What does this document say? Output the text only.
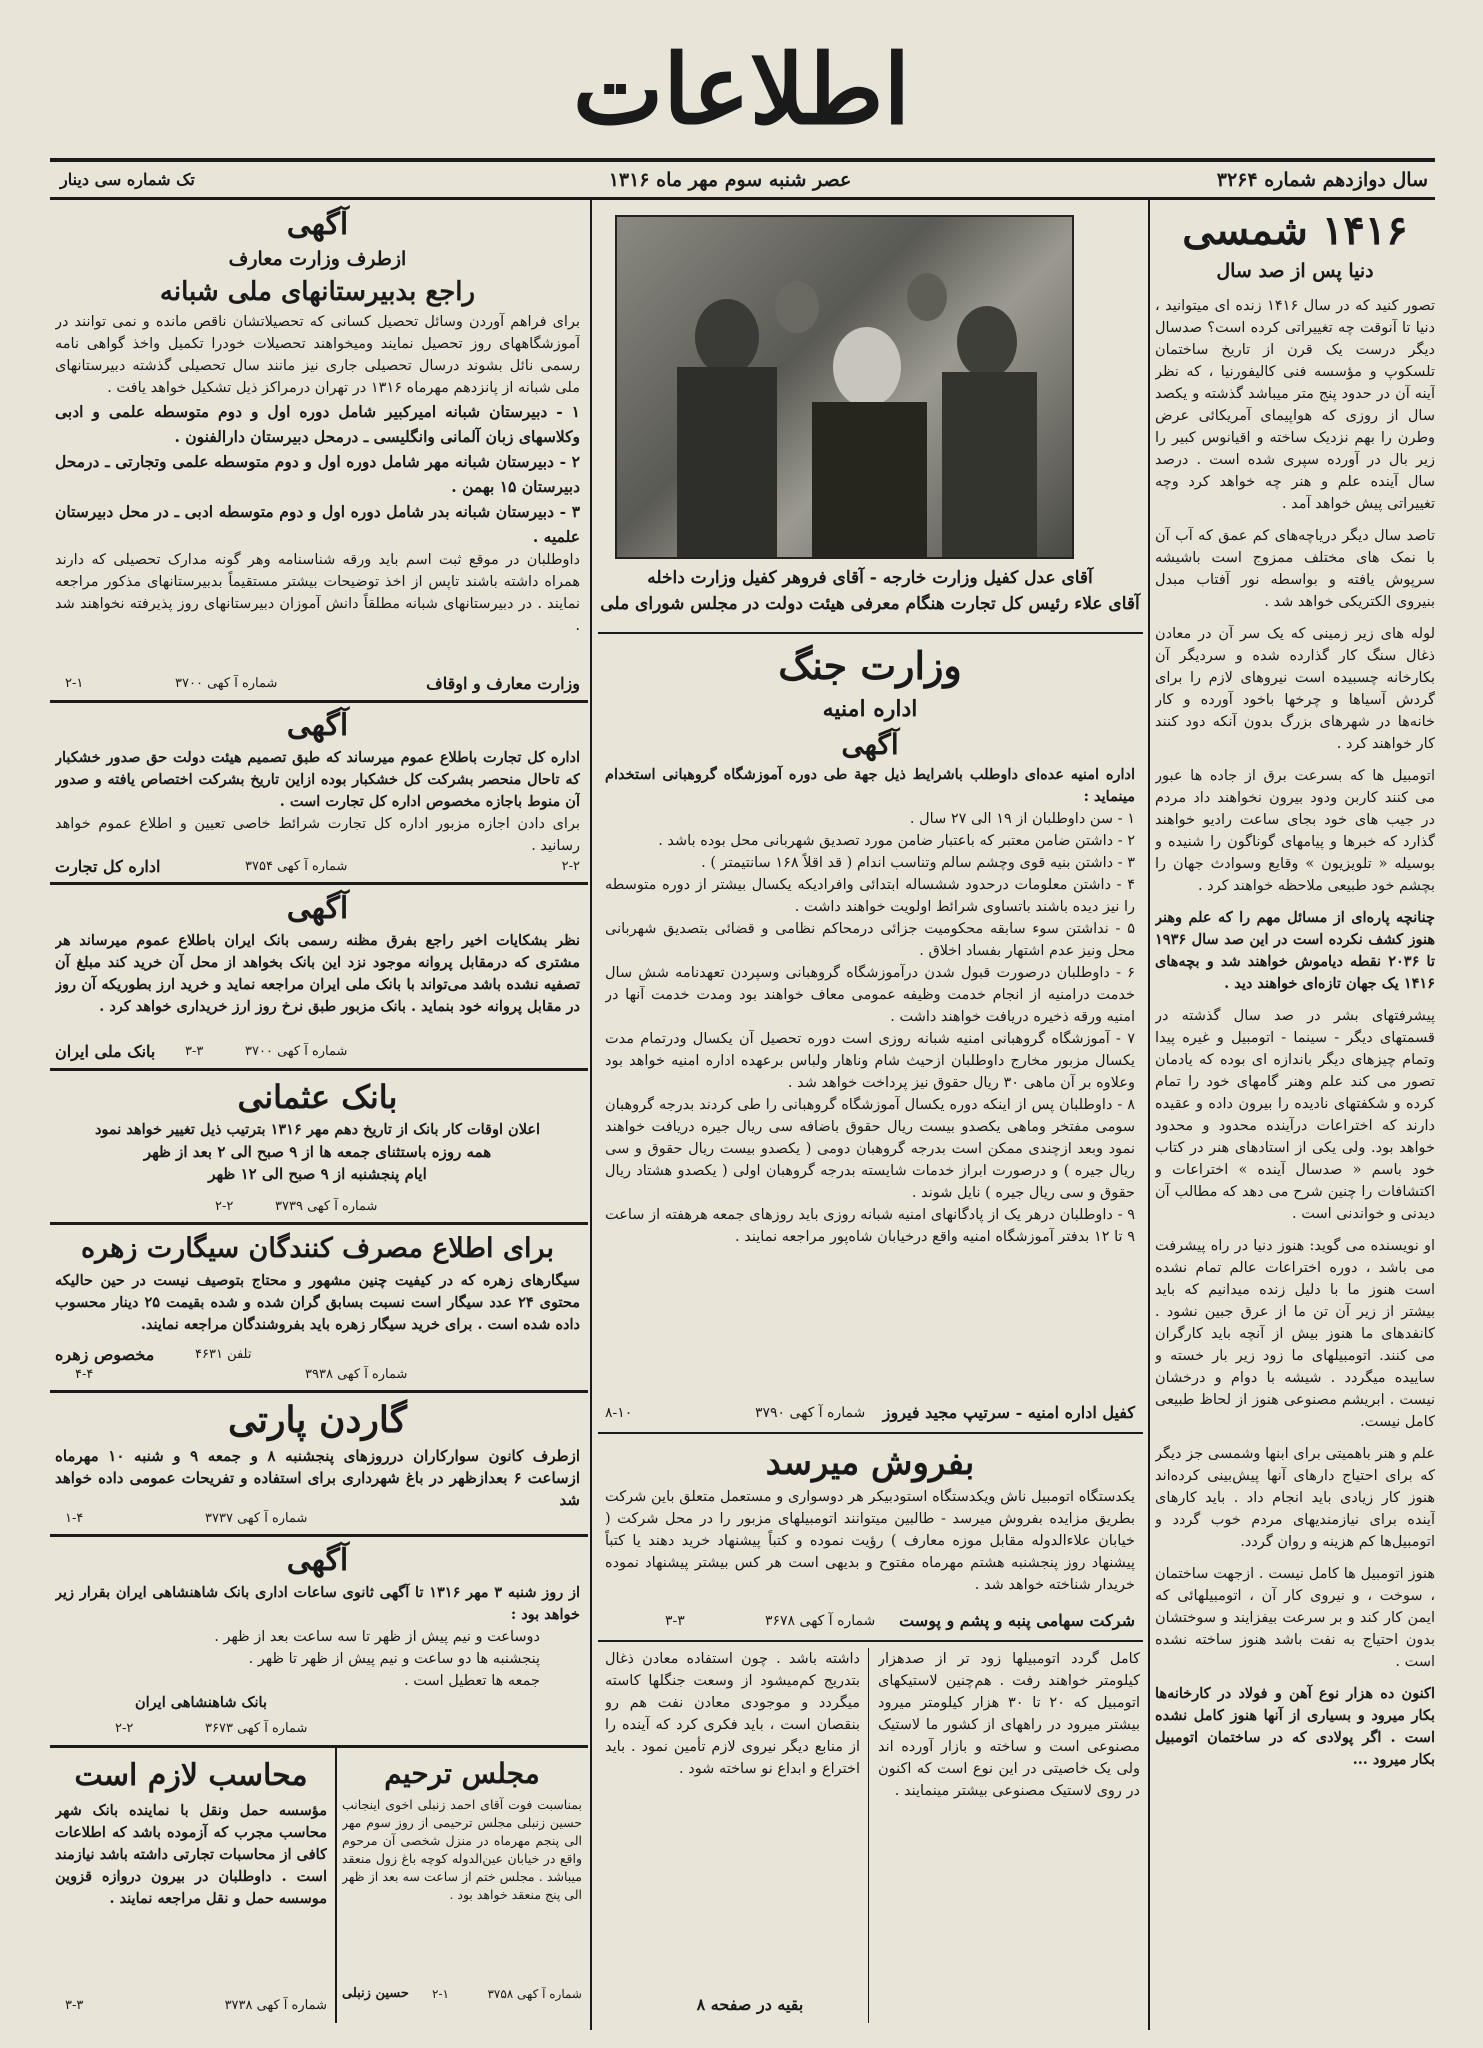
اطلاعات
سال دوازدهم شماره ۳۲۶۴
عصر شنبه سوم مهر ماه ۱۳۱۶
تک شماره سی دینار
۱۴۱۶ شمسی
دنیا پس از صد سال

تصور کنید که در سال ۱۴۱۶ زنده ای میتوانید ، دنیا تا آنوقت چه تغییراتی کرده است؟ صدسال دیگر درست یک قرن از تاریخ ساختمان تلسکوپ و مؤسسه فنی کالیفورنیا ، که نظر آینه آن در حدود پنج متر میباشد گذشته و یکصد سال از روزی که هواپیمای آمریکائی عرض وطرن را بهم نزدیک ساخته و اقیانوس کبیر را زیر بال در آورده سپری شده است . درصد سال آینده علم و هنر چه خواهد کرد وچه تغییراتی پیش خواهد آمد .

تاصد سال دیگر دریاچه‌های کم عمق که آب آن با نمک های مختلف ممزوج است باشیشه سرپوش یافته و بواسطه نور آفتاب مبدل بنیروی الکتریکی خواهد شد .

لوله های زیر زمینی که یک سر آن در معادن ذغال سنگ کار گذارده شده و سردیگر آن بکارخانه چسبیده است نیروهای لازم را برای گردش آسیاها و چرخها باخود آورده و کار خانه‌ها در شهرهای بزرگ بدون آنکه دود کنند کار خواهند کرد .

اتومبیل ها که بسرعت برق از جاده ها عبور می کنند کاربن ودود بیرون نخواهند داد مردم در جیب های خود بجای ساعت رادیو خواهند گذارد که خبرها و پیامهای گوناگون را شنیده و بوسیله « تلویزیون » وقایع وسوادث جهان را بچشم خود طبیعی ملاحظه خواهند کرد .

چنانچه پاره‌ای از مسائل مهم را که علم وهنر هنوز کشف نکرده است در این صد سال ۱۹۳۶ تا ۲۰۳۶ نقطه دیاموش خواهند شد و بچه‌های ۱۴۱۶ یک جهان تازه‌ای خواهند دید .

پیشرفتهای بشر در صد سال گذشته در قسمتهای دیگر - سینما - اتومبیل و غیره پیدا وتمام چیزهای دیگر باندازه ای بوده که یادمان تصور می کند علم وهنر گامهای خود را تمام کرده و شکفتهای نادیده را بیرون داده و عقیده دارند که اختراعات درآینده محدود و محدود خواهد بود. ولی یکی از استادهای هنر در کتاب خود باسم « صدسال آینده » اختراعات و اکتشافات را چنین شرح می دهد که مطالب آن دیدنی و خواندنی است .

او نویسنده می گوید: هنوز دنیا در راه پیشرفت می باشد ، دوره اختراعات عالم تمام نشده است هنوز ما با دلیل زنده میدانیم که باید بیشتر از زیر آن تن ما از عرق جبین نشود . کانفدهای ما هنوز بیش از آنچه باید کارگران می کنند. اتومبیلهای ما زود زیر بار خسته و ساییده میگردد . شیشه با دوام و درخشان نیست . ابریشم مصنوعی هنوز از لحاظ طبیعی کامل نیست.

علم و هنر باهمیتی برای ابنها وشمسی جز دیگر که برای احتیاج دار‌های آنها پیش‌بینی کرده‌اند هنوز کار زیادی باید انجام داد . باید کارهای آینده برای نیازمندیهای مردم خوب گردد و اتومبیل‌ها کم هزینه و روان گردد.

هنوز اتومبیل ها کامل نیست . ازجهت ساختمان ، سوخت ، و نیروی کار آن ، اتومبیلهائی که ایمن کار کند و بر سرعت بیفزایند و سوختشان بدون احتیاج به نفت باشد هنوز ساخته نشده است .

اکنون ده هزار نوع آهن و فولاد در کارخانه‌ها بکار میرود و بسیاری از آنها هنوز کامل نشده است . اگر پولادی که در ساختمان اتومبیل بکار میرود ...

آقای عدل کفیل وزارت خارجه - آقای فروهر کفیل وزارت داخله
آقای علاء رئیس کل تجارت هنگام معرفی هیئت دولت در مجلس شورای ملی
وزارت جنگ
اداره امنیه
آگهی

اداره امنیه عده‌ای داوطلب باشرایط ذیل جهة طی دوره آموزشگاه گروهبانی استخدام مینماید :

۱ - سن داوطلبان از ۱۹ الی ۲۷ سال .

۲ - داشتن ضامن معتبر که باعتبار ضامن مورد تصدیق شهربانی محل بوده باشد .

۳ - داشتن بنیه قوی وچشم سالم وتناسب اندام ( قد اقلاً ۱۶۸ سانتیمتر ) .

۴ - داشتن معلومات درحدود ششساله ابتدائی وافرادیکه یکسال بیشتر از دوره متوسطه را نیز دیده باشند باتساوی شرائط اولویت خواهند داشت .

۵ - نداشتن سوء سابقه محکومیت جزائی درمحاکم نظامی و قضائی بتصدیق شهربانی محل ونیز عدم اشتهار بفساد اخلاق .

۶ - داوطلبان درصورت قبول شدن درآموزشگاه گروهبانی وسپردن تعهدنامه شش سال خدمت درامنیه از انجام خدمت وظیفه عمومی معاف خواهند بود ومدت خدمت آنها در امنیه ورقه ذخیره دریافت خواهند داشت .

۷ - آموزشگاه گروهبانی امنیه شبانه روزی است دوره تحصیل آن یکسال ودرتمام مدت یکسال مزبور مخارج داوطلبان ازحیث شام وناهار ولباس برعهده اداره امنیه خواهد بود وعلاوه بر آن ماهی ۳۰ ریال حقوق نیز پرداخت خواهد شد .

۸ - داوطلبان پس از اینکه دوره یکسال آموزشگاه گروهبانی را طی کردند بدرجه گروهبان سومی مفتخر وماهی یکصدو بیست ریال حقوق باضافه سی ریال جیره دریافت خواهند نمود وبعد ازچندی ممکن است بدرجه گروهبان دومی ( یکصدو بیست ریال حقوق و سی ریال جیره ) و درصورت ابراز خدمات شایسته بدرجه گروهبان اولی ( یکصدو هشتاد ریال حقوق و سی ریال جیره ) نایل شوند .

۹ - داوطلبان درهر یک از پادگانهای امنیه شبانه روزی باید روزهای جمعه هرهفته از ساعت ۹ تا ۱۲ بدفتر آموزشگاه امنیه واقع درخیابان شاه‌پور مراجعه نمایند .

کفیل اداره امنیه - سرتیپ مجید فیروز
شماره آ کهی ۳۷۹۰
۸-۱۰
بفروش میرسد

یکدستگاه اتومبیل ناش ویکدستگاه استودبیکر هر دوسواری و مستعمل متعلق باین شرکت بطریق مزایده بفروش میرسد - طالبین میتوانند اتومبیلهای مزبور را در محل شرکت ( خیابان علاءالدوله مقابل موزه معارف ) رؤیت نموده و کتباً پیشنهاد خرید دهند یا کتباً پیشنهاد روز پنجشنبه هشتم مهرماه مفتوح و بدیهی است هر کس بیشتر پیشنهاد نموده خریدار شناخته خواهد شد .

شرکت سهامی پنبه و پشم و پوست
۳-۳	شماره آ کهی ۳۶۷۸

کامل گردد اتومبیلها زود تر از صدهزار کیلومتر خواهند رفت . هم‌چنین لاستیکهای اتومبیل که ۲۰ تا ۳۰ هزار کیلومتر میرود بیشتر میرود در راههای از کشور ما لاستیک مصنوعی است و ساخته و بازار آورده اند ولی یک خاصیتی در این نوع است که اکنون در روی لاستیک مصنوعی بیشتر مینمایند .

داشته باشد . چون استفاده معادن ذغال بتدریج کم‌میشود از وسعت جنگلها کاسته میگردد و موجودی معادن نفت هم رو بنقصان است ، باید فکری کرد که آینده را از منابع دیگر نیروی لازم تأمین نمود . باید اختراع و ابداع نو ساخته شود .

بقیه در صفحه ۸
آگهی
ازطرف وزارت معارف
راجع بدبیرستانهای ملی شبانه

برای فراهم آوردن وسائل تحصیل کسانی که تحصیلاتشان ناقص مانده و نمی توانند در آموزشگاههای روز تحصیل نمایند ومیخواهند تحصیلات خودرا تکمیل واخذ گواهی نامه رسمی نائل بشوند درسال تحصیلی جاری نیز مانند سال تحصیلی گذشته دبیرستانهای ملی شبانه از پانزدهم مهرماه ۱۳۱۶ در تهران درمراکز ذیل تشکیل خواهد یافت .

۱ - دبیرستان شبانه امیرکبیر شامل دوره اول و دوم متوسطه علمی و ادبی وکلاسهای زبان آلمانی وانگلیسی ـ درمحل دبیرستان دارالفنون .

۲ - دبیرستان شبانه مهر شامل دوره اول و دوم متوسطه علمی وتجارتی ـ درمحل دبیرستان ۱۵ بهمن .

۳ - دبیرستان شبانه بدر شامل دوره اول و دوم متوسطه ادبی ـ در محل دبیرستان علمیه .

داوطلبان در موقع ثبت اسم باید ورقه شناسنامه وهر گونه مدارک تحصیلی که دارند همراه داشته باشند تاپس از اخذ توضیحات بیشتر مستقیماً بدبیرستانهای مذکور مراجعه نمایند . در دبیرستانهای شبانه مطلقاً دانش آموزان دبیرستانهای روز پذیرفته نخواهند شد .

وزارت معارف و اوقاف
شماره آ کهی ۳۷۰۰
۲-۱
آگهی

اداره کل تجارت باطلاع عموم میرساند که طبق تصمیم هیئت دولت حق‌ صدور خشکبار که تاحال منحصر بشرکت کل خشکبار بوده ازاین تاریخ بشرکت اختصاص یافته و صدور آن منوط باجازه مخصوص اداره کل تجارت است .

برای دادن اجازه مزبور اداره کل تجارت شرائط خاصی تعیین و اطلاع عموم خواهد رسانید .

اداره کل تجارت	شماره آ کهی ۳۷۵۴	۲-۲
آگهی

نظر بشکایات اخیر راجع بفرق مظنه رسمی بانک ایران باطلاع عموم میرساند هر مشتری که درمقابل پروانه موجود نزد این بانک بخواهد از محل آن خرید کند مبلغ آن تصفیه نشده باشد می‌تواند با بانک ملی ایران مراجعه نماید و خرید ارز بطوریکه آن روز در مقابل پروانه خود بنماید . بانک مزبور طبق نرخ روز ارز خریداری خواهد کرد .

بانک ملی ایران	شماره آ کهی ۳۷۰۰
۳-۳
بانک عثمانی

اعلان اوقات کار بانک از تاریخ دهم مهر ۱۳۱۶ بترتیب ذیل تغییر خواهد نمود

همه روزه باستثنای جمعه ها از ۹ صبح الی ۲ بعد از ظهر

ایام پنجشنبه از ۹ صبح الی ۱۲ ظهر

شماره آ کهی ۳۷۳۹
۲-۲
برای اطلاع مصرف کنندگان سیگارت زهره

سیگارهای زهره که در کیفیت چنین مشهور و محتاج بتوصیف نیست در حین حالیکه محتوی ۲۴ عدد سیگار است نسبت بسابق گران شده و شده بقیمت ۲۵ دینار محسوب داده شده است . برای خرید سیگار زهره باید بفروشندگان مراجعه نمایند.

مخصوص زهره	تلفن ۴۶۳۱
شماره آ کهی ۳۹۳۸
۴-۴
گاردن پارتی

ازطرف کانون سوارکاران درروزهای پنجشنبه ۸ و جمعه ۹ و شنبه ۱۰ مهرماه ازساعت ۶ بعدازظهر در باغ شهرداری برای استفاده و تفریحات عمومی داده خواهد شد

شماره آ کهی ۳۷۳۷
۱-۴
آگهی

از روز شنبه ۳ مهر ۱۳۱۶ تا آگهی ثانوی ساعات اداری بانک شاهنشاهی ایران بقرار زیر خواهد بود :

دوساعت و نیم پیش از ظهر تا سه ساعت بعد از ظهر .

پنجشنبه ها دو ساعت و نیم پیش از ظهر تا ظهر .

جمعه ها تعطیل است .

بانک شاهنشاهی ایران

شماره آ کهی ۳۶۷۳
۲-۲
مجلس ترحیم

بمناسبت فوت آقای احمد زنبلی اخوی اینجانب حسین زنبلی مجلس ترحیمی از روز سوم مهر الی پنجم مهرماه در منزل شخصی آن مرحوم واقع در خیابان عین‌الدوله کوچه باغ زول منعقد میباشد . مجلس ختم از ساعت سه بعد از ظهر الی پنج منعقد خواهد بود .

حسین زنبلی	شماره آ کهی ۳۷۵۸
۲-۱
محاسب لازم است

مؤسسه حمل ونقل با نماینده بانک شهر محاسب مجرب که آزموده باشد که اطلاعات کافی از محاسبات تجارتی داشته باشد نیازمند است . داوطلبان در بیرون دروازه قزوین موسسه حمل و نقل مراجعه نمایند .

شماره آ کهی ۳۷۳۸
۳-۳
